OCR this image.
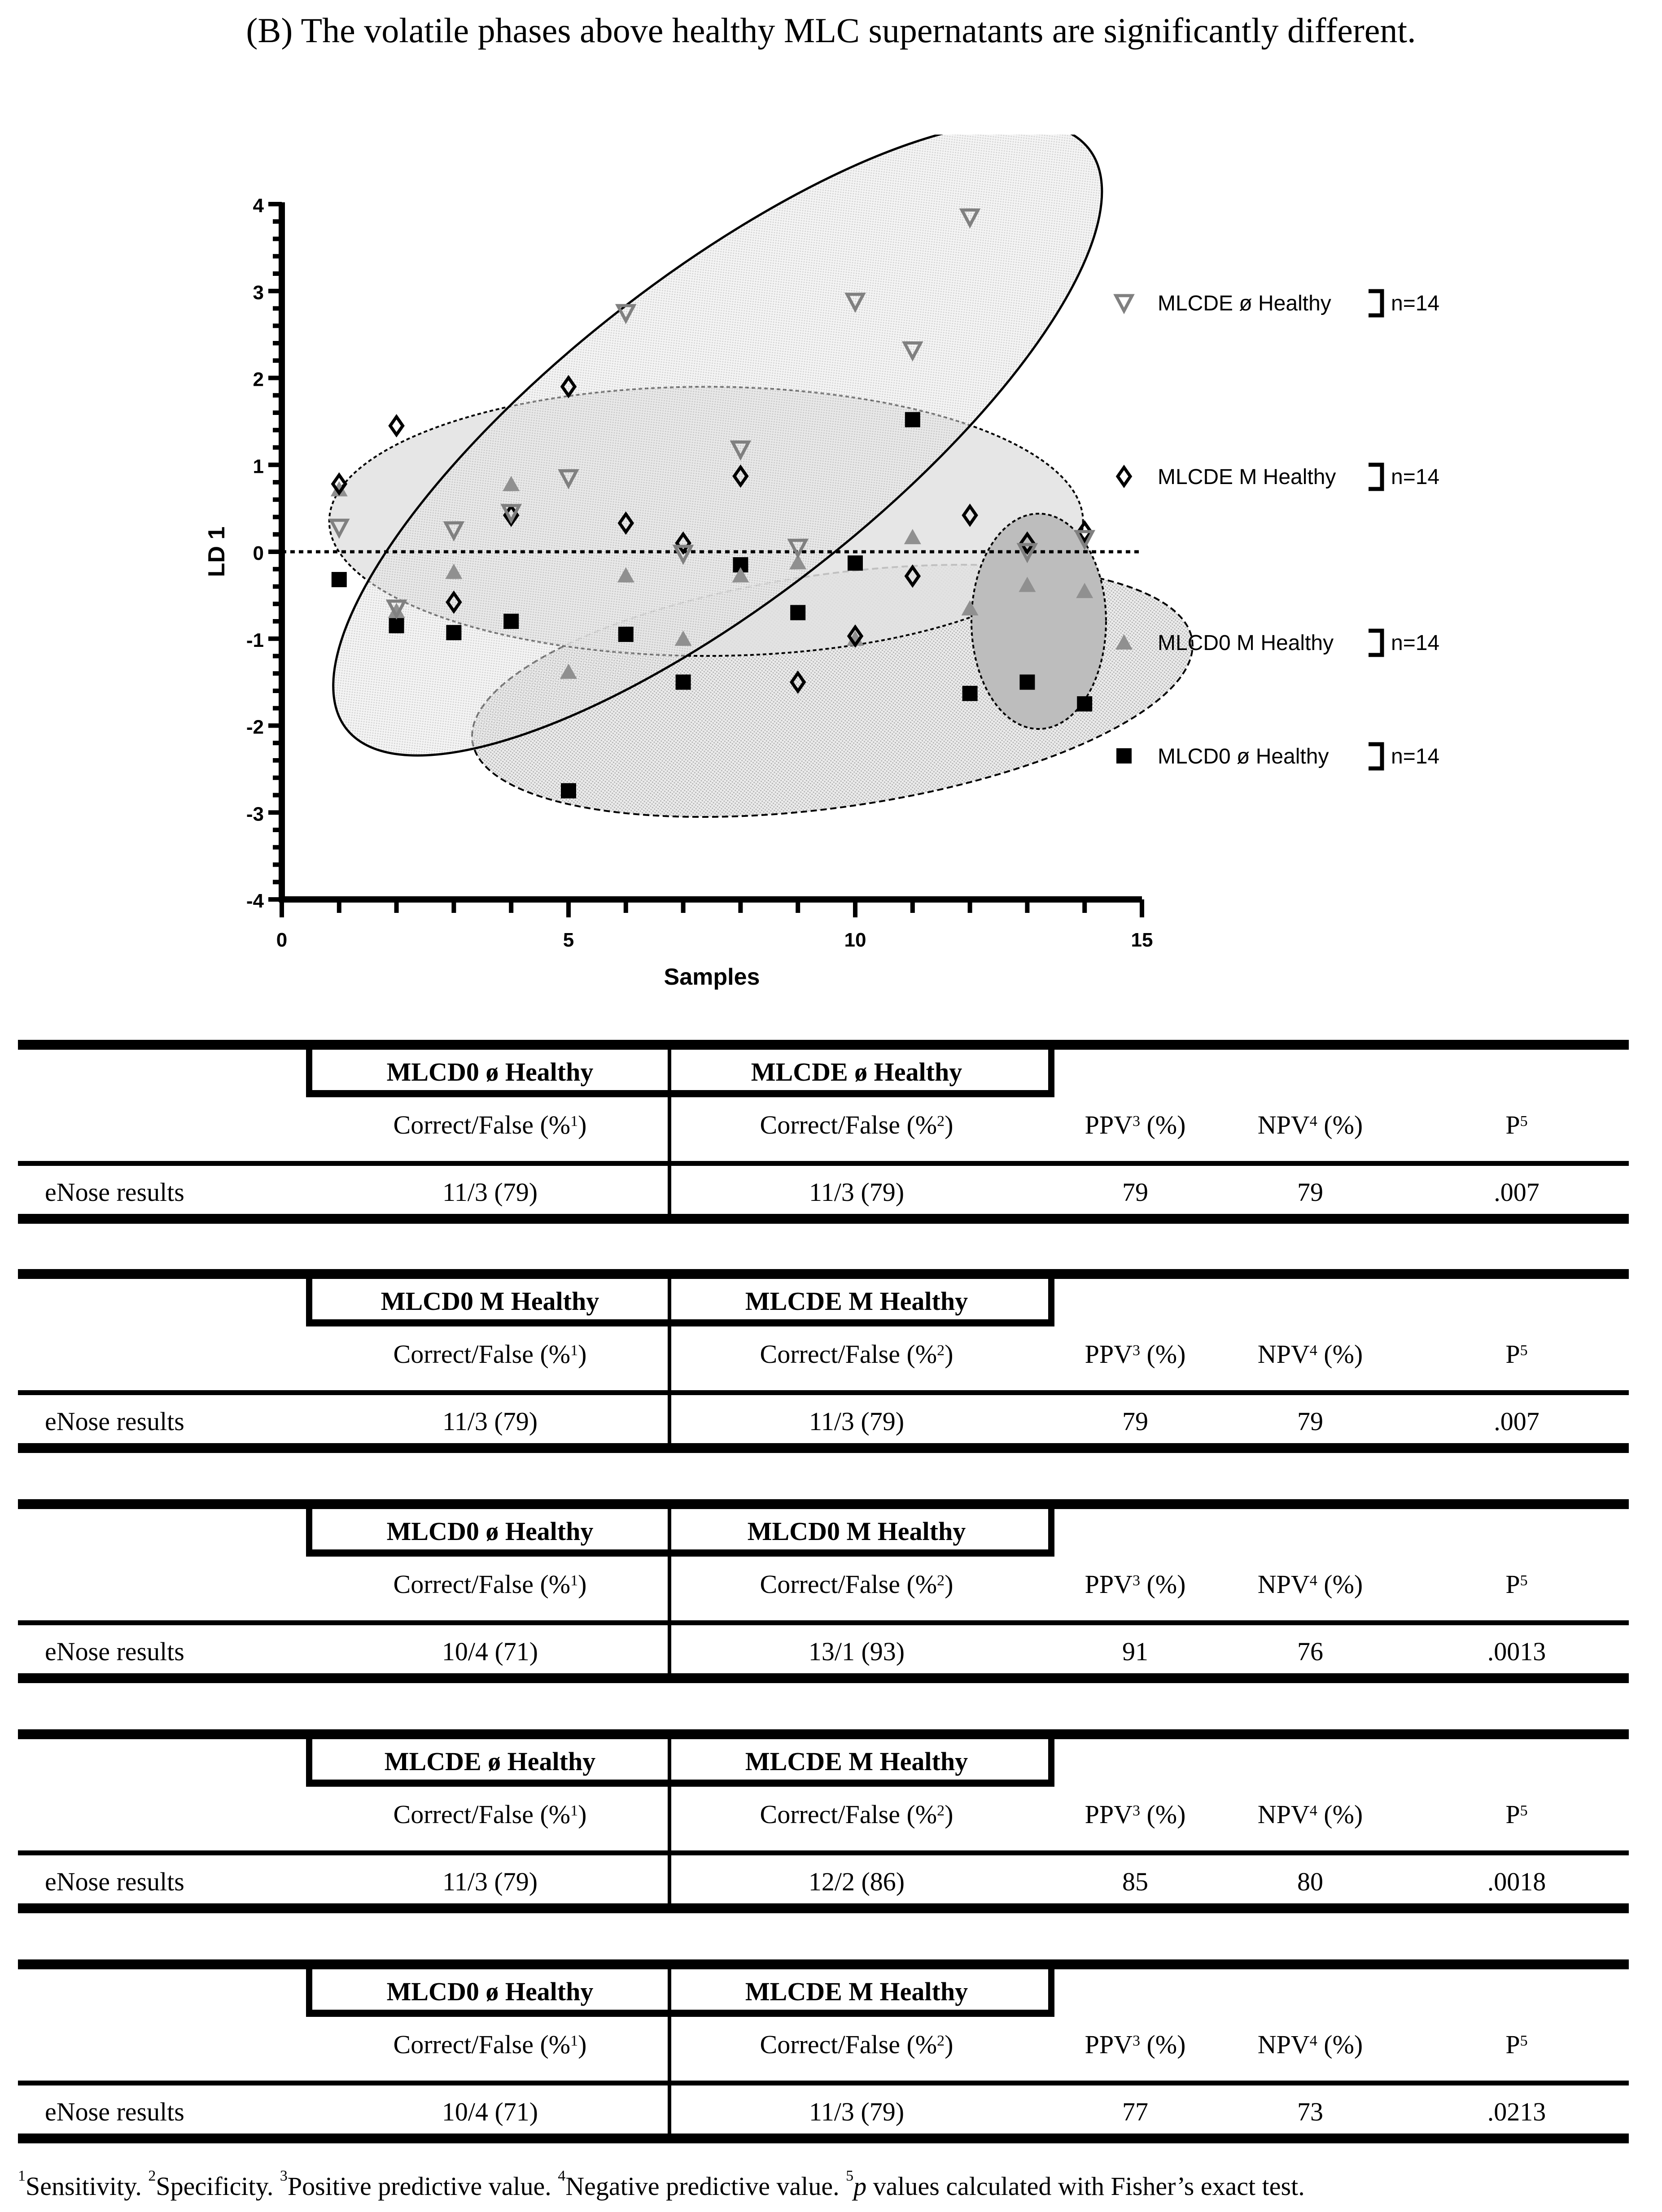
(B) The volatile phases above healthy MLC supernatants are significantly different.
-4
-3
-2
-1
0
1
2
3
4
0	5	10	15
MLCDE ø Healthy	n=14
MLCDE M Healthy	n=14
MLCD0 M Healthy	n=14
MLCD0 ø Healthy	n=14
Samples
LD 1
MLCD0 ø Healthy	MLCDE ø Healthy
Correct/False (%$^1$)	Correct/False (%$^2$)	PPV$^3$ (%)	NPV$^4$ (%)	$P^5$
eNose results	11/3 (79)	11/3 (79)	79	79	.007
MLCD0 M Healthy	MLCDE M Healthy
Correct/False (%$^1$)	Correct/False (%$^2$)	PPV$^3$ (%)	NPV$^4$ (%)	$P^5$
eNose results	11/3 (79)	11/3 (79)	79	79	.007
MLCD0 ø Healthy	MLCD0 M Healthy
Correct/False (%$^1$)	Correct/False (%$^2$)	PPV$^3$ (%)	NPV$^4$ (%)	$P^5$
eNose results	10/4 (71)	13/1 (93)	91	76	.0013
MLCDE ø Healthy	MLCDE M Healthy
Correct/False (%$^1$)	Correct/False (%$^2$)	PPV$^3$ (%)	NPV$^4$ (%)	$P^5$
eNose results	11/3 (79)	12/2 (86)	85	80	.0018
MLCD0 ø Healthy	MLCDE M Healthy
Correct/False (%$^1$)	Correct/False (%$^2$)	PPV$^3$ (%)	NPV$^4$ (%)	$P^5$
eNose results	10/4 (71)	11/3 (79)	77	73	.0213
$^1$Sensitivity. $^2$Specificity. $^3$Positive predictive value. $^4$Negative predictive value. $^5$p values calculated with Fisher’s exact test.
